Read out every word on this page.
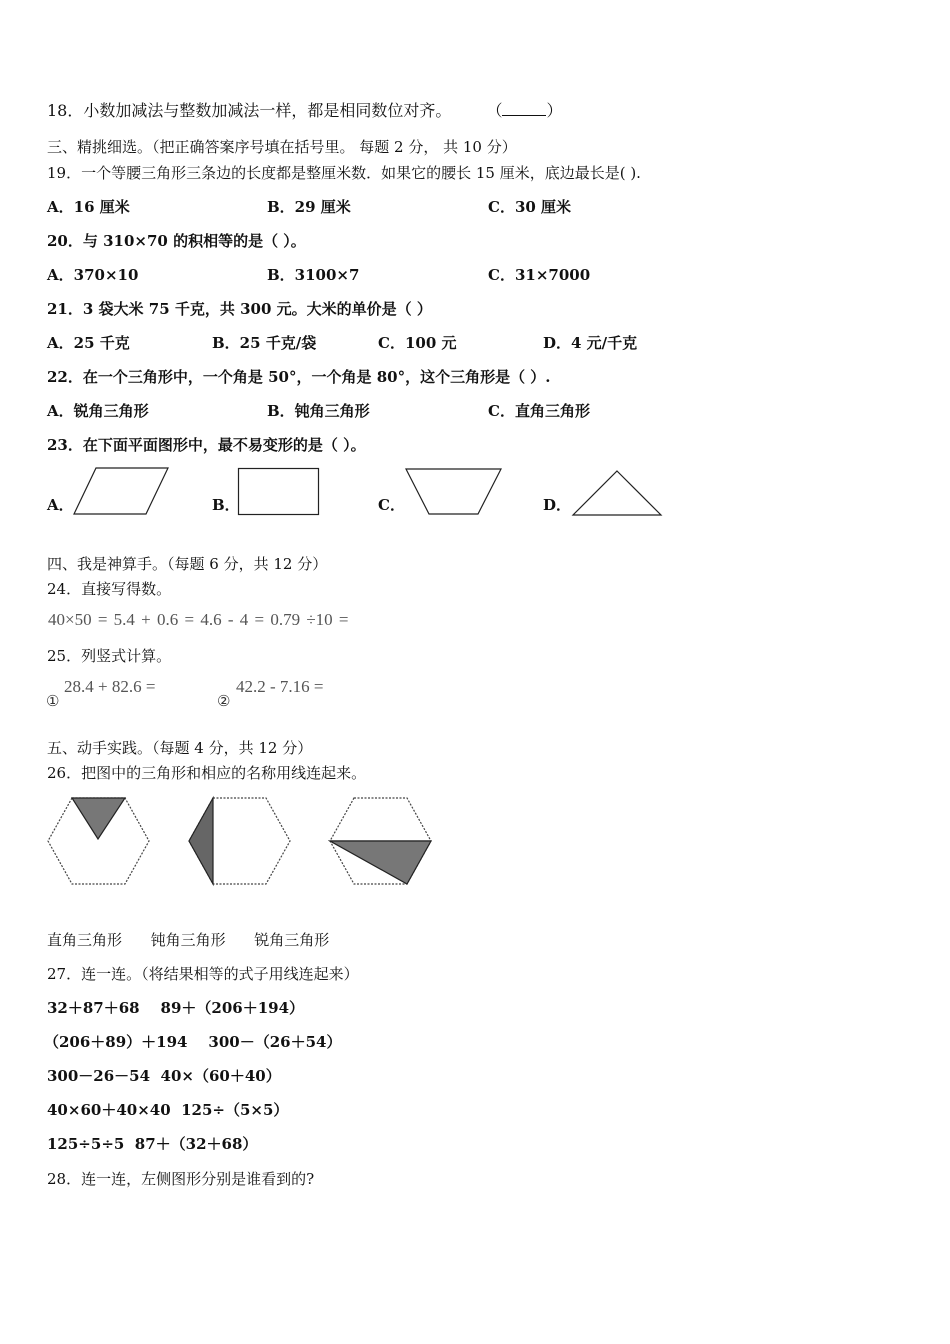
18．小数加减法与整数加减法一样，都是相同数位对齐。 （	）
三、精挑细选。（把正确答案序号填在括号里。 每题 2 分， 共 10 分）
19．一个等腰三角形三条边的长度都是整厘米数．如果它的腰长 15 厘米，底边最长是( ).
A．16 厘米	B．29 厘米	C．30 厘米
20．与 310×70 的积相等的是（ ）。
A．370×10	B．3100×7	C．31×7000
21．3 袋大米 75 千克，共 300 元。大米的单价是（ ）
A．25 千克	B．25 千克/袋	C．100 元	D．4 元/千克
22．在一个三角形中，一个角是 50°，一个角是 80°，这个三角形是（ ）.
A．锐角三角形	B．钝角三角形	C．直角三角形
23．在下面平面图形中，最不易变形的是（ ）。
A．	B．	C．	D．
四、我是神算手。（每题 6 分，共 12 分）
24．直接写得数。
40×50 = 5.4 + 0.6 = 4.6 - 4 = 0.79 ÷10 =
25．列竖式计算。
①
28.4 + 82.6 =
②
42.2 - 7.16 =
五、动手实践。（每题 4 分，共 12 分）
26．把图中的三角形和相应的名称用线连起来。
直角三角形      钝角三角形      锐角三角形
27．连一连。（将结果相等的式子用线连起来）
32＋87＋68    89＋（206＋194）
（206＋89）＋194    300－（26＋54）
300－26－54  40×（60＋40）
40×60＋40×40  125÷（5×5）
125÷5÷5  87＋（32＋68）
28．连一连，左侧图形分别是谁看到的?
